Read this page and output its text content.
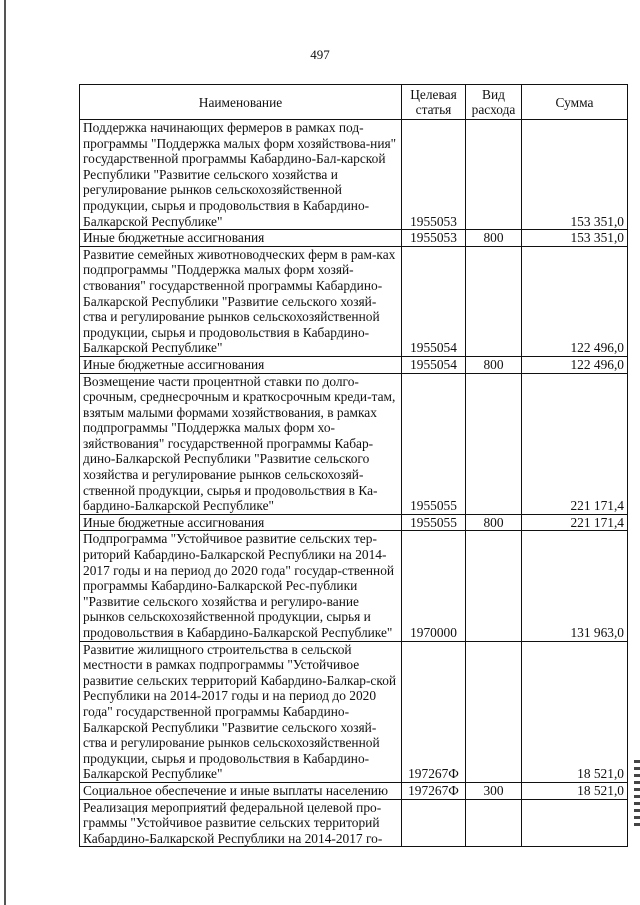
497
Наименование	Целевая статья	Вид расхода	Сумма
Поддержка начинающих фермеров в рамках под-программы "Поддержка малых форм хозяйствова-ния" государственной программы Кабардино-Бал-карской Республики "Развитие сельского хозяйства и регулирование рынков сельскохозяйственной продукции, сырья и продовольствия в Кабардино-Балкарской Республике"	1955053		153 351,0
Иные бюджетные ассигнования	1955053	800	153 351,0
Развитие семейных животноводческих ферм в рам-ках подпрограммы "Поддержка малых форм хозяй-ствования" государственной программы Кабардино-Балкарской Республики "Развитие сельского хозяй-ства и регулирование рынков сельскохозяйственной продукции, сырья и продовольствия в Кабардино-Балкарской Республике"	1955054		122 496,0
Иные бюджетные ассигнования	1955054	800	122 496,0
Возмещение части процентной ставки по долго-срочным, среднесрочным и краткосрочным креди-там, взятым малыми формами хозяйствования, в рамках подпрограммы "Поддержка малых форм хо-зяйствования" государственной программы Кабар-дино-Балкарской Республики "Развитие сельского хозяйства и регулирование рынков сельскохозяй-ственной продукции, сырья и продовольствия в Ка-бардино-Балкарской Республике"	1955055		221 171,4
Иные бюджетные ассигнования	1955055	800	221 171,4
Подпрограмма "Устойчивое развитие сельских тер-риторий Кабардино-Балкарской Республики на 2014-2017 годы и на период до 2020 года" государ-ственной программы Кабардино-Балкарской Рес-публики "Развитие сельского хозяйства и регулиро-вание рынков сельскохозяйственной продукции, сырья и продовольствия в Кабардино-Балкарской Республике"	1970000		131 963,0
Развитие жилищного строительства в сельской местности в рамках подпрограммы "Устойчивое развитие сельских территорий Кабардино-Балкар-ской Республики на 2014-2017 годы и на период до 2020 года" государственной программы Кабардино-Балкарской Республики "Развитие сельского хозяй-ства и регулирование рынков сельскохозяйственной продукции, сырья и продовольствия в Кабардино-Балкарской Республике"	197267Ф		18 521,0
Социальное обеспечение и иные выплаты населению	197267Ф	300	18 521,0
Реализация мероприятий федеральной целевой про-граммы "Устойчивое развитие сельских территорий Кабардино-Балкарской Республики на 2014-2017 го-			
